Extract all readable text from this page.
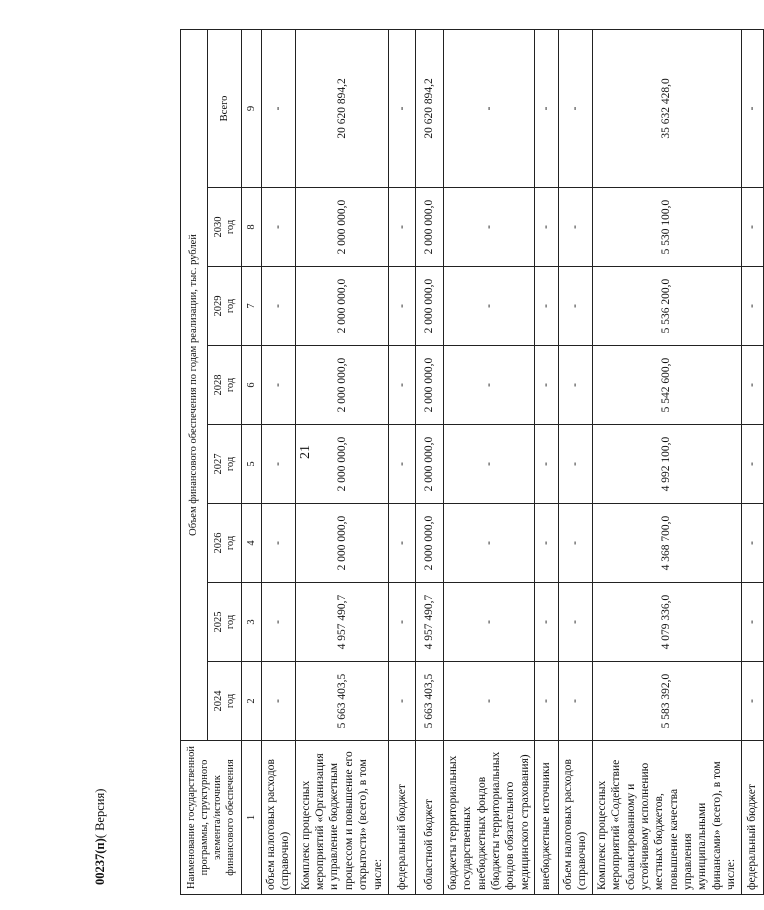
21
Наименование государственной программы, структурного элемента/источник финансового обеспечения	Объем финансового обеспечения по годам реализации, тыс. рублей							

	2024 год	2025 год	2026 год	2027 год	2028 год	2029 год	2030 год	Всего
1	2	3	4	5	6	7	8	9
объем налоговых расходов (справочно)	-	-	-	-	-	-	-	-
Комплекс процессных мероприятий «Организация и управление бюджетным процессом и повышение его открытости» (всего), в том числе:	5 663 403,5	4 957 490,7	2 000 000,0	2 000 000,0	2 000 000,0	2 000 000,0	2 000 000,0	20 620 894,2
федеральный бюджет	-	-	-	-	-	-	-	-
областной бюджет	5 663 403,5	4 957 490,7	2 000 000,0	2 000 000,0	2 000 000,0	2 000 000,0	2 000 000,0	20 620 894,2
бюджеты территориальных государственных внебюджетных фондов (бюджеты территориальных фондов обязательного медицинского страхования)	-	-	-	-	-	-	-	-
внебюджетные источники	-	-	-	-	-	-	-	-
объем налоговых расходов (справочно)	-	-	-	-	-	-	-	-
Комплекс процессных мероприятий «Содействие сбалансированному и устойчивому исполнению местных бюджетов, повышение качества управления муниципальными финансами» (всего), в том числе:	5 583 392,0	4 079 336,0	4 368 700,0	4 992 100,0	5 542 600,0	5 536 200,0	5 530 100,0	35 632 428,0
федеральный бюджет	-	-	-	-	-	-	-	-
00237(п)( Версия)
